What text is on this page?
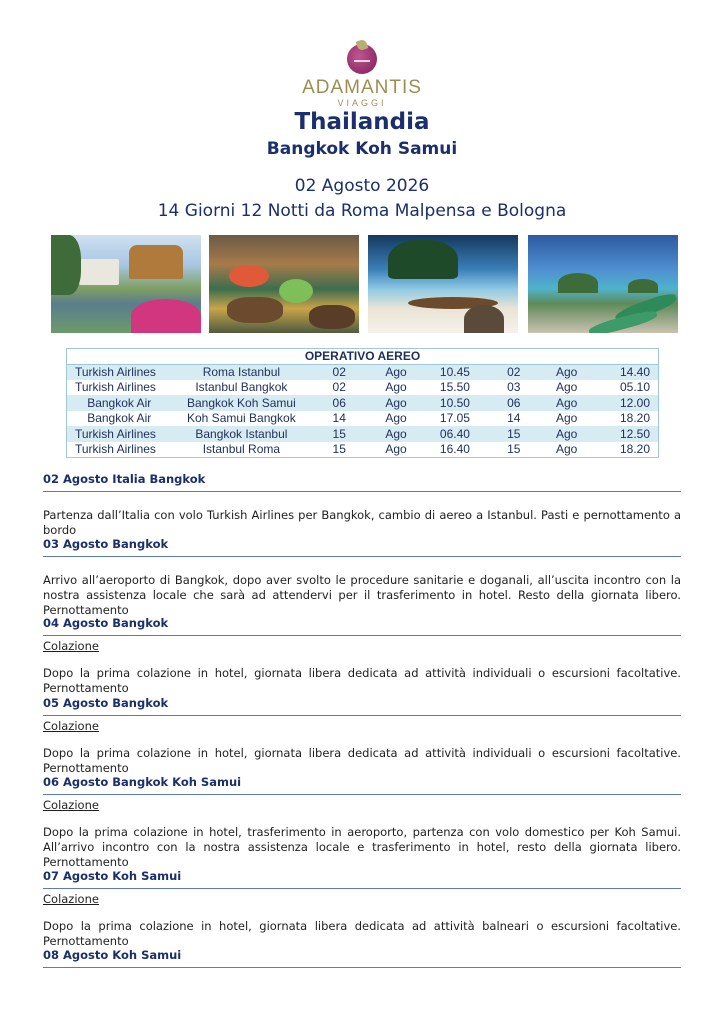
ADAMANTIS
VIAGGI
Thailandia
Bangkok Koh Samui
02 Agosto 2026
14 Giorni 12 Notti da Roma Malpensa e Bologna
OPERATIVO AEREO							
Turkish Airlines	Roma Istanbul	02	Ago	10.45	02	Ago	14.40
Turkish Airlines	Istanbul Bangkok	02	Ago	15.50	03	Ago	05.10
Bangkok Air	Bangkok Koh Samui	06	Ago	10.50	06	Ago	12.00
Bangkok Air	Koh Samui Bangkok	14	Ago	17.05	14	Ago	18.20
Turkish Airlines	Bangkok Istanbul	15	Ago	06.40	15	Ago	12.50
Turkish Airlines	Istanbul Roma	15	Ago	16.40	15	Ago	18.20
02 Agosto Italia Bangkok
Partenza dall’Italia con volo Turkish Airlines per Bangkok, cambio di aereo a Istanbul. Pasti e pernottamento a bordo
03 Agosto Bangkok
Arrivo all’aeroporto di Bangkok, dopo aver svolto le procedure sanitarie e doganali, all’uscita incontro con la nostra assistenza locale che sarà ad attendervi per il trasferimento in hotel. Resto della giornata libero. Pernottamento
04 Agosto Bangkok
Colazione
Dopo la prima colazione in hotel, giornata libera dedicata ad attività individuali o escursioni facoltative. Pernottamento
05 Agosto Bangkok
Colazione
Dopo la prima colazione in hotel, giornata libera dedicata ad attività individuali o escursioni facoltative. Pernottamento
06 Agosto Bangkok Koh Samui
Colazione
Dopo la prima colazione in hotel, trasferimento in aeroporto, partenza con volo domestico per Koh Samui. All’arrivo incontro con la nostra assistenza locale e trasferimento in hotel, resto della giornata libero. Pernottamento
07 Agosto Koh Samui
Colazione
Dopo la prima colazione in hotel, giornata libera dedicata ad attività balneari o escursioni facoltative. Pernottamento
08 Agosto Koh Samui
